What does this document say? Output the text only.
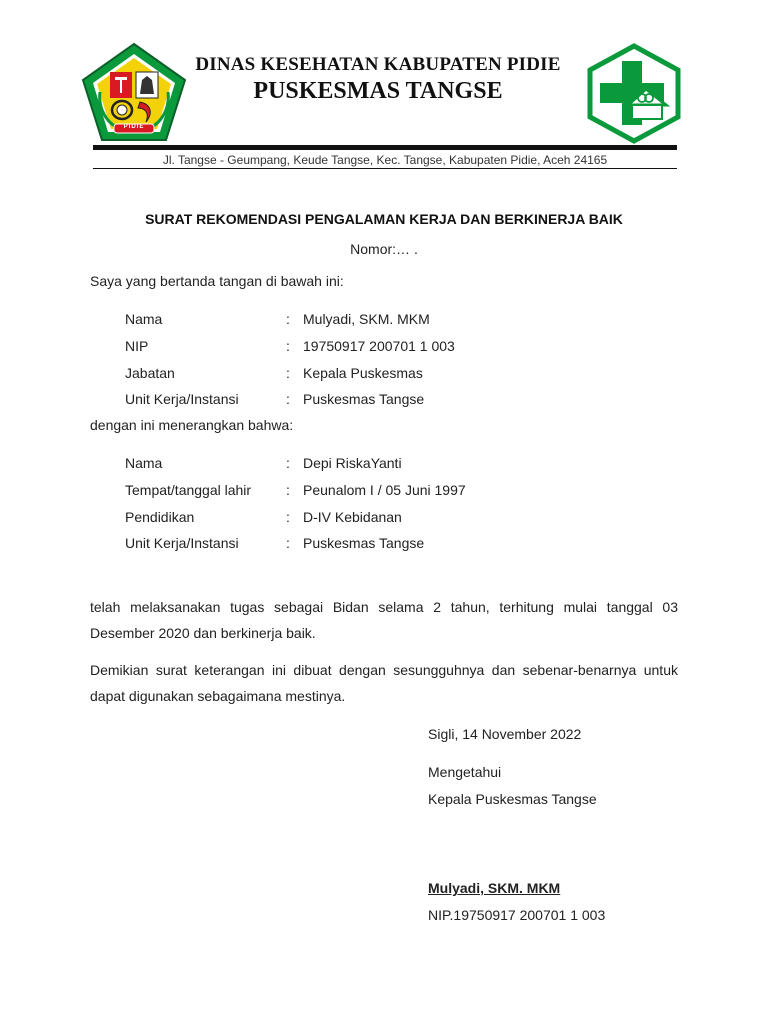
PIDIE
DINAS KESEHATAN KABUPATEN PIDIE
PUSKESMAS TANGSE
Jl. Tangse - Geumpang, Keude Tangse, Kec. Tangse, Kabupaten Pidie, Aceh 24165
SURAT REKOMENDASI PENGALAMAN KERJA DAN BERKINERJA BAIK
Nomor:… .
Saya yang bertanda tangan di bawah ini:
Nama	: Mulyadi, SKM. MKM
NIP	: 19750917 200701 1 003
Jabatan	: Kepala Puskesmas
Unit Kerja/Instansi	: Puskesmas Tangse
dengan ini menerangkan bahwa:
Nama	: Depi RiskaYanti
Tempat/tanggal lahir : Peunalom I / 05 Juni 1997
Pendidikan	: D-IV Kebidanan
Unit Kerja/Instansi	: Puskesmas Tangse
telah melaksanakan tugas sebagai Bidan selama 2 tahun, terhitung mulai tanggal 03 Desember 2020 dan berkinerja baik.
Demikian surat keterangan ini dibuat dengan sesungguhnya dan sebenar-benarnya untuk dapat digunakan sebagaimana mestinya.
Sigli, 14 November 2022
Mengetahui
Kepala Puskesmas Tangse
Mulyadi, SKM. MKM
NIP.19750917 200701 1 003
